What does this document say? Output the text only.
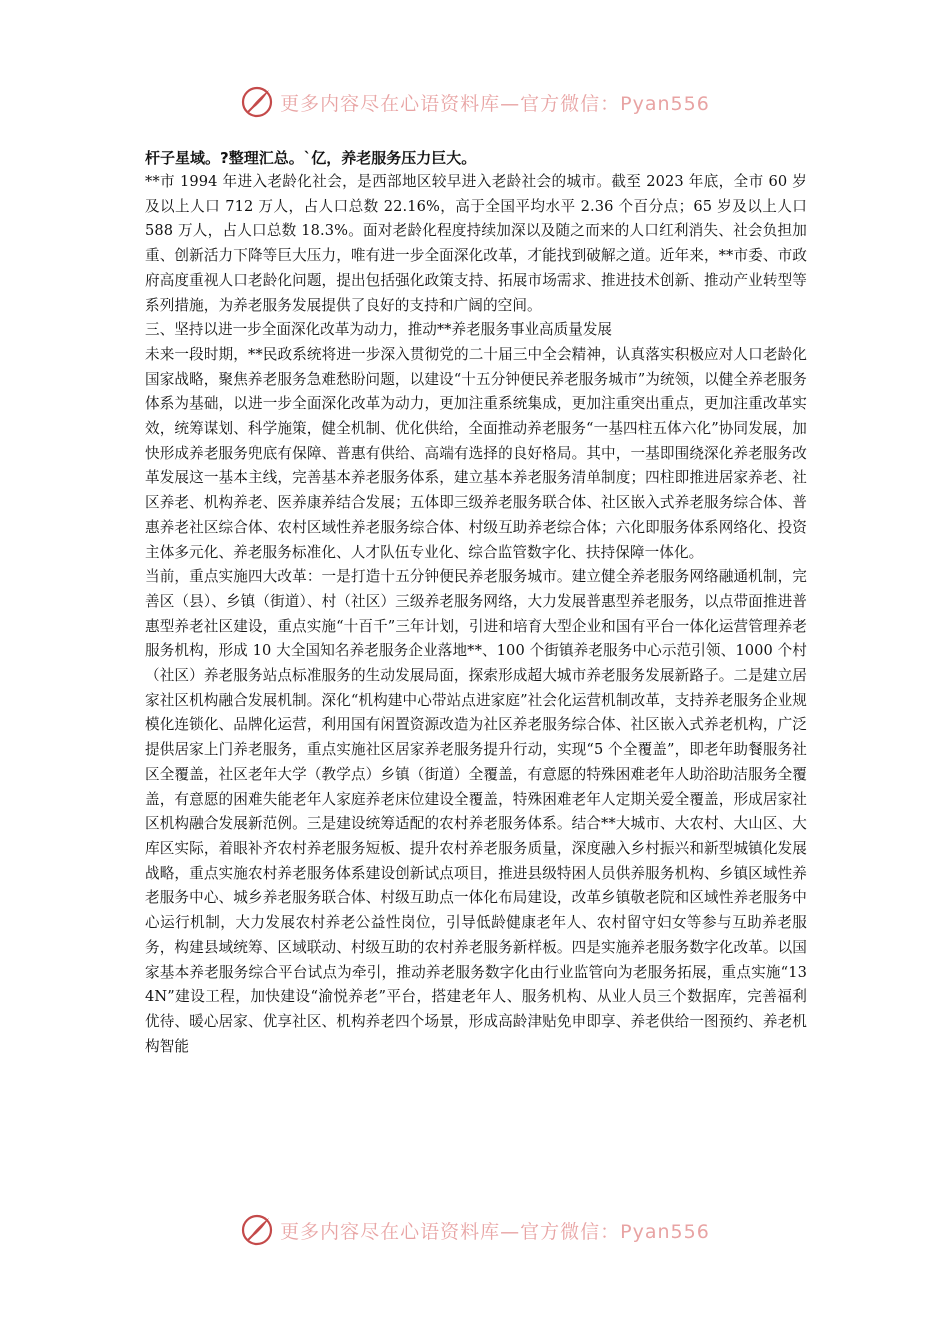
更多内容尽在心语资料库—官方微信：Pyan556

杆子星域。?整理汇总。`亿，养老服务压力巨大。

**市 1994 年进入老龄化社会，是西部地区较早进入老龄社会的城市。截至 2023 年底，全市 60 岁及以上人口 712 万人，占人口总数 22.16%，高于全国平均水平 2.36 个百分点；65 岁及以上人口 588 万人，占人口总数 18.3%。面对老龄化程度持续加深以及随之而来的人口红利消失、社会负担加重、创新活力下降等巨大压力，唯有进一步全面深化改革，才能找到破解之道。近年来，**市委、市政府高度重视人口老龄化问题，提出包括强化政策支持、拓展市场需求、推进技术创新、推动产业转型等系列措施，为养老服务发展提供了良好的支持和广阔的空间。

三、坚持以进一步全面深化改革为动力，推动**养老服务事业高质量发展

未来一段时期，**民政系统将进一步深入贯彻党的二十届三中全会精神，认真落实积极应对人口老龄化国家战略，聚焦养老服务急难愁盼问题，以建设“十五分钟便民养老服务城市”为统领，以健全养老服务体系为基础，以进一步全面深化改革为动力，更加注重系统集成，更加注重突出重点，更加注重改革实效，统筹谋划、科学施策，健全机制、优化供给，全面推动养老服务“一基四柱五体六化”协同发展，加快形成养老服务兜底有保障、普惠有供给、高端有选择的良好格局。其中，一基即围绕深化养老服务改革发展这一基本主线，完善基本养老服务体系，建立基本养老服务清单制度；四柱即推进居家养老、社区养老、机构养老、医养康养结合发展；五体即三级养老服务联合体、社区嵌入式养老服务综合体、普惠养老社区综合体、农村区域性养老服务综合体、村级互助养老综合体；六化即服务体系网络化、投资主体多元化、养老服务标准化、人才队伍专业化、综合监管数字化、扶持保障一体化。

当前，重点实施四大改革：一是打造十五分钟便民养老服务城市。建立健全养老服务网络融通机制，完善区（县）、乡镇（街道）、村（社区）三级养老服务网络，大力发展普惠型养老服务，以点带面推进普惠型养老社区建设，重点实施“十百千”三年计划，引进和培育大型企业和国有平台一体化运营管理养老服务机构，形成 10 大全国知名养老服务企业落地**、100 个街镇养老服务中心示范引领、1000 个村（社区）养老服务站点标准服务的生动发展局面，探索形成超大城市养老服务发展新路子。二是建立居家社区机构融合发展机制。深化“机构建中心带站点进家庭”社会化运营机制改革，支持养老服务企业规模化连锁化、品牌化运营，利用国有闲置资源改造为社区养老服务综合体、社区嵌入式养老机构，广泛提供居家上门养老服务，重点实施社区居家养老服务提升行动，实现“5 个全覆盖”，即老年助餐服务社区全覆盖，社区老年大学（教学点）乡镇（街道）全覆盖，有意愿的特殊困难老年人助浴助洁服务全覆盖，有意愿的困难失能老年人家庭养老床位建设全覆盖，特殊困难老年人定期关爱全覆盖，形成居家社区机构融合发展新范例。三是建设统筹适配的农村养老服务体系。结合**大城市、大农村、大山区、大库区实际，着眼补齐农村养老服务短板、提升农村养老服务质量，深度融入乡村振兴和新型城镇化发展战略，重点实施农村养老服务体系建设创新试点项目，推进县级特困人员供养服务机构、乡镇区域性养老服务中心、城乡养老服务联合体、村级互助点一体化布局建设，改革乡镇敬老院和区域性养老服务中心运行机制，大力发展农村养老公益性岗位，引导低龄健康老年人、农村留守妇女等参与互助养老服务，构建县域统筹、区域联动、村级互助的农村养老服务新样板。四是实施养老服务数字化改革。以国家基本养老服务综合平台试点为牵引，推动养老服务数字化由行业监管向为老服务拓展，重点实施“134N”建设工程，加快建设“渝悦养老”平台，搭建老年人、服务机构、从业人员三个数据库，完善福利优待、暖心居家、优享社区、机构养老四个场景，形成高龄津贴免申即享、养老供给一图预约、养老机构智能

更多内容尽在心语资料库—官方微信：Pyan556
